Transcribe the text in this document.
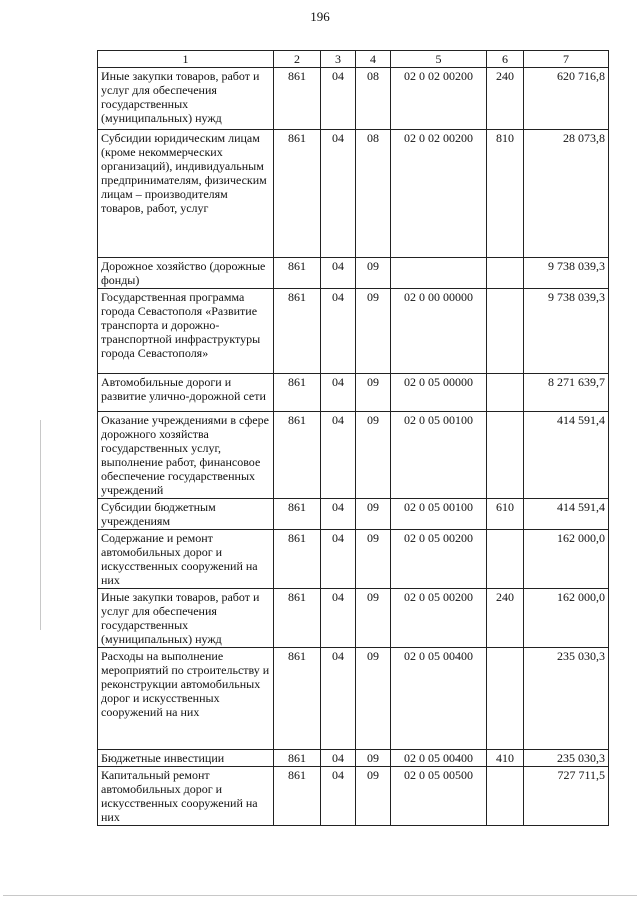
196
1	2	3	4	5	6	7
Иные закупки товаров, работ и услуг для обеспечения государственных (муниципальных) нужд	861	04	08	02 0 02 00200	240	620 716,8
Субсидии юридическим лицам (кроме некоммерческих организаций), индивидуальным предпринимателям, физическим лицам – производителям товаров, работ, услуг	861	04	08	02 0 02 00200	810	28 073,8
Дорожное хозяйство (дорожные фонды)	861	04	09			9 738 039,3
Государственная программа города Севастополя «Развитие транспорта и дорожно-транспортной инфраструктуры города Севастополя»	861	04	09	02 0 00 00000		9 738 039,3
Автомобильные дороги и развитие улично-дорожной сети	861	04	09	02 0 05 00000		8 271 639,7
Оказание учреждениями в сфере дорожного хозяйства государственных услуг, выполнение работ, финансовое обеспечение государственных учреждений	861	04	09	02 0 05 00100		414 591,4
Субсидии бюджетным учреждениям	861	04	09	02 0 05 00100	610	414 591,4
Содержание и ремонт автомобильных дорог и искусственных сооружений на них	861	04	09	02 0 05 00200		162 000,0
Иные закупки товаров, работ и услуг для обеспечения государственных (муниципальных) нужд	861	04	09	02 0 05 00200	240	162 000,0
Расходы на выполнение мероприятий по строительству и реконструкции автомобильных дорог и искусственных сооружений на них	861	04	09	02 0 05 00400		235 030,3
Бюджетные инвестиции	861	04	09	02 0 05 00400	410	235 030,3
Капитальный ремонт автомобильных дорог и искусственных сооружений на них	861	04	09	02 0 05 00500		727 711,5
